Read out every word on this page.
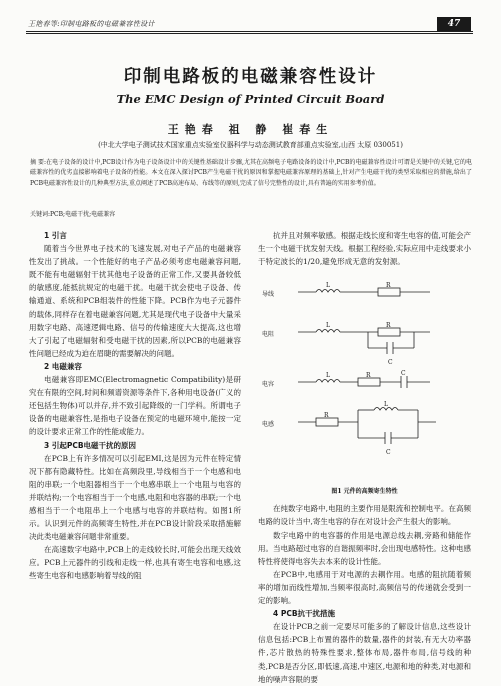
王艳春等:印制电路板的电磁兼容性设计	47
印制电路板的电磁兼容性设计
The EMC Design of Printed Circuit Board
王艳春 祖 静 崔春生
(中北大学电子测试技术国家重点实验室仪器科学与动态测试教育部重点实验室,山西 太原 030051)
摘 要:在电子设备的设计中,PCB设计作为电子设备设计中的关键性基础设计步骤,尤其在高频电子电路设备的设计中,PCB的电磁兼容性设计可谓是关键中的关键,它的电磁兼容性的优劣直接影响着电子设备的性能。本文在深入探讨PCB产生电磁干扰的原因和掌握电磁兼容原理的基础上,针对产生电磁干扰的类型采取相应的措施,给出了PCB电磁兼容性设计的几种典型方法,重点阐述了PCB高速布局、布线等的原则,完成了信号完整性的设计,具有普遍的实用参考价值。
关键词:PCB;电磁干扰;电磁兼容

1 引言

随着当今世界电子技术的飞速发展,对电子产品的电磁兼容性发出了挑战。一个性能好的电子产品必须考虑电磁兼容问题,既不能有电磁辐射干扰其他电子设备的正常工作,又要具备较低的敏感度,能抵抗规定的电磁干扰。电磁干扰会使电子设备、传输通道、系统和PCB组装件的性能下降。PCB作为电子元器件的载体,同样存在着电磁兼容问题,尤其是现代电子设备中大量采用数字电路、高速逻辑电路、信号的传输速度大大提高,这也增大了引起了电磁辐射和受电磁干扰的因素,所以PCB的电磁兼容性问题已经成为迫在眉睫的需要解决的问题。

2 电磁兼容

电磁兼容即EMC(Electromagnetic Compatibility)是研究在有限的空间,时间和频谱资源等条件下,各种用电设备(广义的还包括生物体)可以并存,并不致引起降级的一门学科。所谓电子设备的电磁兼容性,是指电子设备在预定的电磁环境中,能按一定的设计要求正常工作的性能或能力。

3 引起PCB电磁干扰的原因

在PCB上有许多情况可以引起EMI,这是因为元件在特定情况下都有隐藏特性。比如在高频段里,导线相当于一个电感和电阻的串联;一个电阻器相当于一个电感串联上一个电阻与电容的并联结构;一个电容相当于一个电感,电阻和电容器的串联;一个电感相当于一个电阻串上一个电感与电容的并联结构。如图1所示。认识到元件的高频寄生特性,并在PCB设计阶段采取措施解决此类电磁兼容问题非常重要。

在高速数字电路中,PCB上的走线较长时,可能会出现天线效应。PCB上元器件的引线和走线一样,也具有寄生电容和电感,这些寄生电容和电感影响着导线的阻

抗并且对频率敏感。根据走线长度和寄生电容的值,可能会产生一个电磁干扰发射天线。根据工程经验,实际应用中走线要求小于特定波长的1/20,避免形成无意的发射源。

导线
电阻
电容
电感
L	R
L	R
C
L	R	C
R
L
C
图1 元件的高频寄生特性

在纯数字电路中,电阻的主要作用是限流和控制电平。在高频电路的设计当中,寄生电容的存在对设计会产生很大的影响。

数字电路中的电容器的作用是电源总线去耦,旁路和储能作用。当电路超过电容的自谐振频率时,会出现电感特性。这种电感特性将使得电容失去本来的设计性能。

在PCB中,电感用于对电源的去耦作用。电感的阻抗随着频率的增加而线性增加,当频率很高时,高频信号的传递就会受到一定的影响。

4 PCB抗干扰措施

在设计PCB之前一定要尽可能多的了解设计信息,这些设计信息包括:PCB上布置的器件的数量,器件的封装,有无大功率器件,芯片散热的特殊性要求,整体布局,器件布局,信号线的种类,PCB是否分区,即低速,高速,中速区,电源和地的种类,对电源和地的噪声容限的要
